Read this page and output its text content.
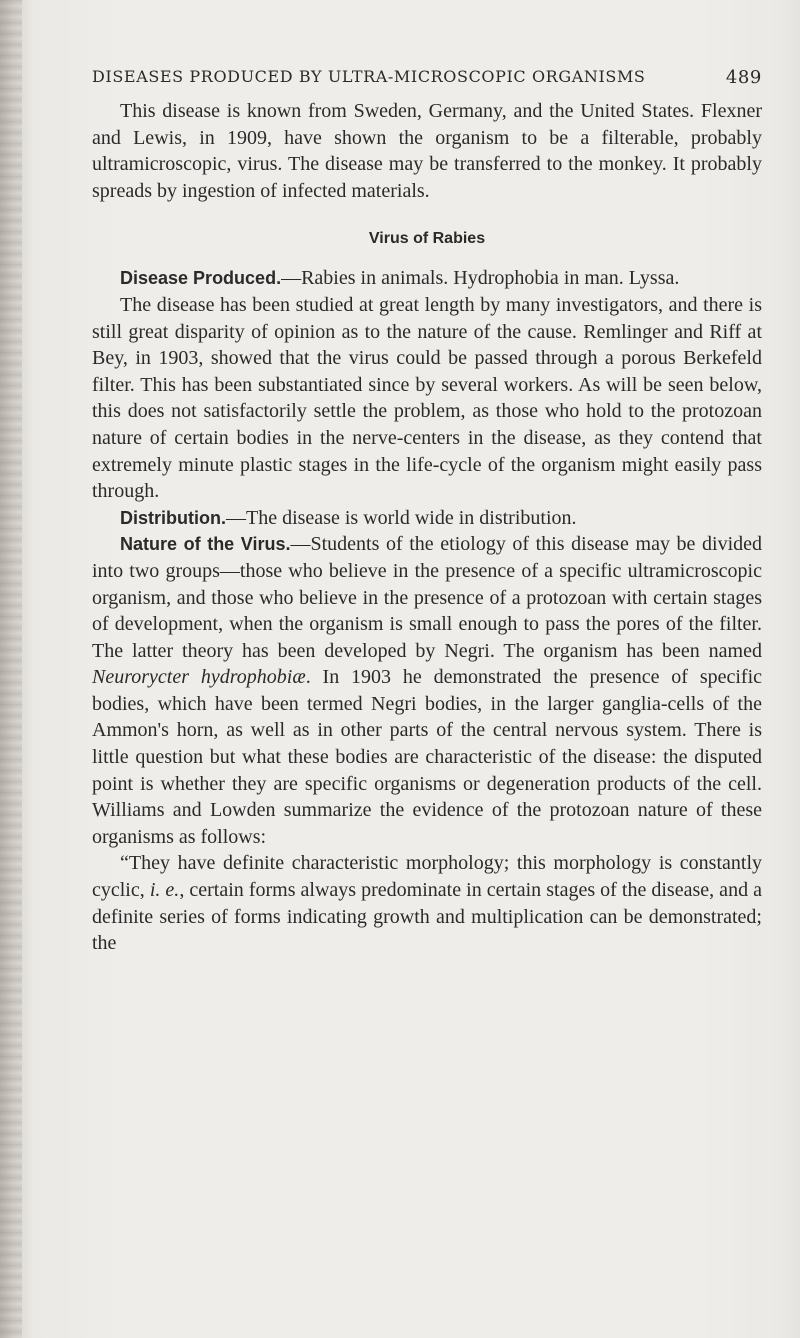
DISEASES PRODUCED BY ULTRA-MICROSCOPIC ORGANISMS	489

This disease is known from Sweden, Germany, and the United States. Flexner and Lewis, in 1909, have shown the organism to be a filterable, probably ultramicroscopic, virus. The disease may be transferred to the monkey. It probably spreads by ingestion of infected materials.

Virus of Rabies

Disease Produced.—Rabies in animals. Hydrophobia in man. Lyssa.

The disease has been studied at great length by many investigators, and there is still great disparity of opinion as to the nature of the cause. Remlinger and Riff at Bey, in 1903, showed that the virus could be passed through a porous Berkefeld filter. This has been substantiated since by several workers. As will be seen below, this does not satisfactorily settle the problem, as those who hold to the protozoan nature of certain bodies in the nerve-centers in the disease, as they contend that extremely minute plastic stages in the life-cycle of the organism might easily pass through.

Distribution.—The disease is world wide in distribution.

Nature of the Virus.—Students of the etiology of this disease may be divided into two groups—those who believe in the presence of a specific ultramicroscopic organism, and those who believe in the presence of a protozoan with certain stages of development, when the organism is small enough to pass the pores of the filter. The latter theory has been developed by Negri. The organism has been named Neurorycter hydrophobiæ. In 1903 he demonstrated the presence of specific bodies, which have been termed Negri bodies, in the larger ganglia-cells of the Ammon's horn, as well as in other parts of the central nervous system. There is little question but what these bodies are characteristic of the disease: the disputed point is whether they are specific organisms or degeneration products of the cell. Williams and Lowden summarize the evidence of the protozoan nature of these organisms as follows:

“They have definite characteristic morphology; this morphology is constantly cyclic, i. e., certain forms always predominate in certain stages of the disease, and a definite series of forms indicating growth and multiplication can be demonstrated; the
